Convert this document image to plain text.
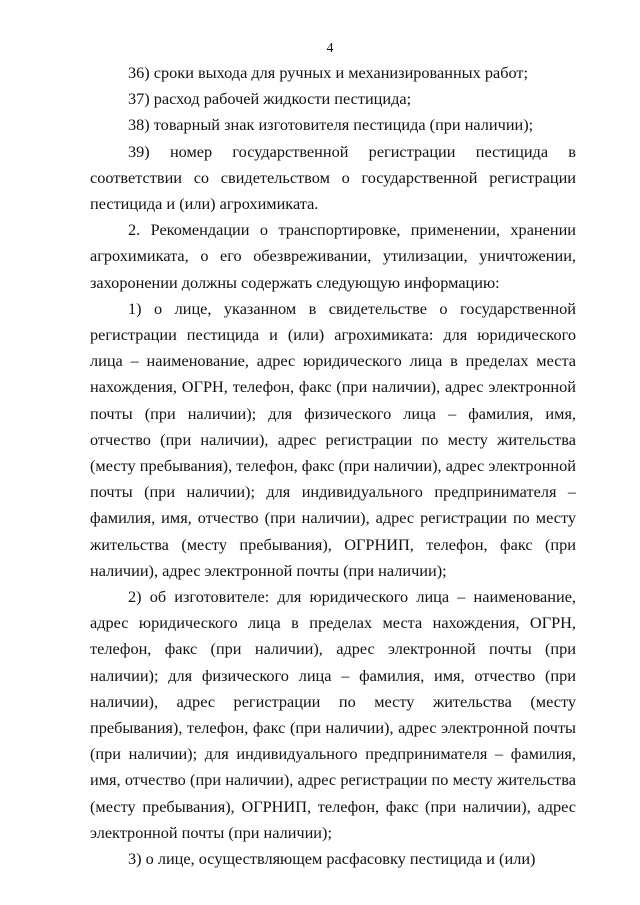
4

36) сроки выхода для ручных и механизированных работ;

37) расход рабочей жидкости пестицида;

38) товарный знак изготовителя пестицида (при наличии);

39) номер государственной регистрации пестицида в соответствии со свидетельством о государственной регистрации пестицида и (или) агрохимиката.

2. Рекомендации о транспортировке, применении, хранении агрохимиката, о его обезвреживании, утилизации, уничтожении, захоронении должны содержать следующую информацию:

1) о лице, указанном в свидетельстве о государственной регистрации пестицида и (или) агрохимиката: для юридического лица – наименование, адрес юридического лица в пределах места нахождения, ОГРН, телефон, факс (при наличии), адрес электронной почты (при наличии); для физического лица – фамилия, имя, отчество (при наличии), адрес регистрации по месту жительства (месту пребывания), телефон, факс (при наличии), адрес электронной почты (при наличии); для индивидуального предпринимателя – фамилия, имя, отчество (при наличии), адрес регистрации по месту жительства (месту пребывания), ОГРНИП, телефон, факс (при наличии), адрес электронной почты (при наличии);

2) об изготовителе: для юридического лица – наименование, адрес юридического лица в пределах места нахождения, ОГРН, телефон, факс (при наличии), адрес электронной почты (при наличии); для физического лица – фамилия, имя, отчество (при наличии), адрес регистрации по месту жительства (месту пребывания), телефон, факс (при наличии), адрес электронной почты (при наличии); для индивидуального предпринимателя – фамилия, имя, отчество (при наличии), адрес регистрации по месту жительства (месту пребывания), ОГРНИП, телефон, факс (при наличии), адрес электронной почты (при наличии);

3) о лице, осуществляющем расфасовку пестицида и (или)
